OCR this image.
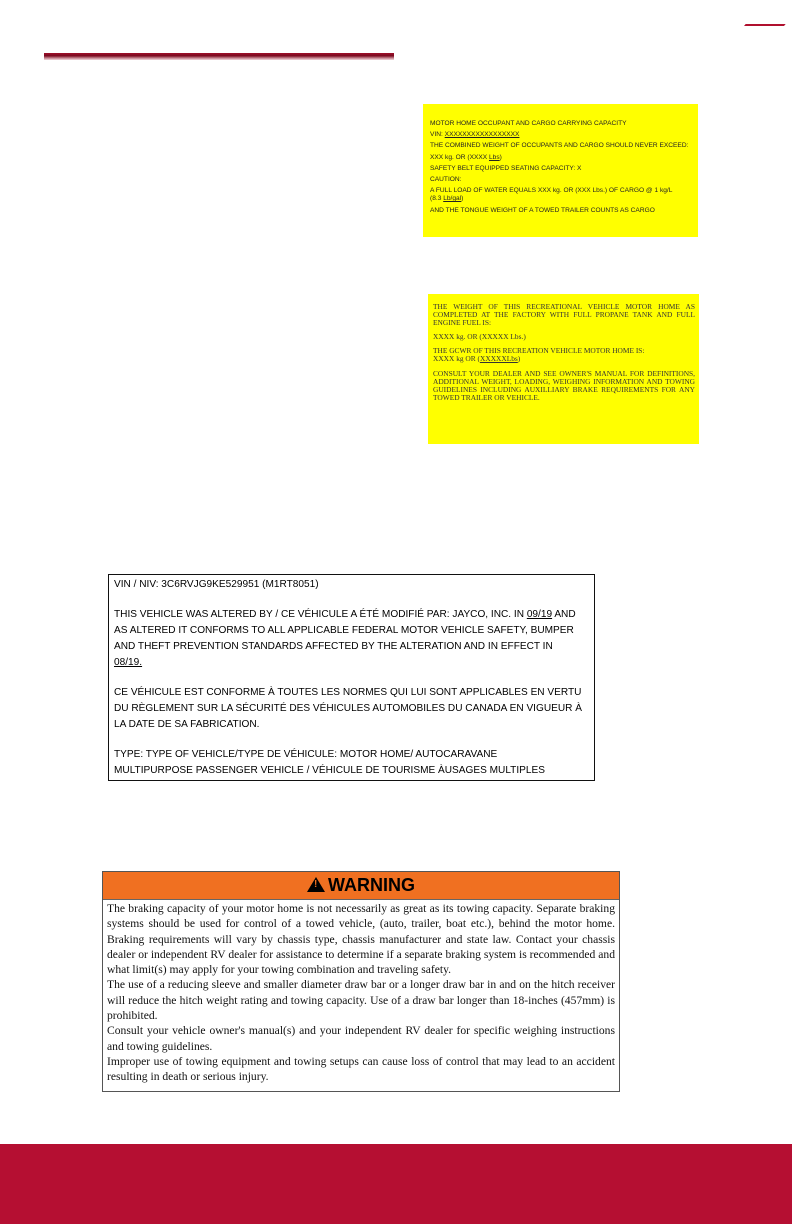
MOTOR HOME OCCUPANT AND CARGO CARRYING CAPACITY

VIN: XXXXXXXXXXXXXXXXX

THE COMBINED WEIGHT OF OCCUPANTS AND CARGO SHOULD NEVER EXCEED:

XXX kg. OR (XXXX Lbs)

SAFETY BELT EQUIPPED SEATING CAPACITY: X

CAUTION:

A FULL LOAD OF WATER EQUALS XXX kg. OR (XXX Lbs.) OF CARGO @ 1 kg/L
(8.3 Lb/gal)

AND THE TONGUE WEIGHT OF A TOWED TRAILER COUNTS AS CARGO

THE WEIGHT OF THIS RECREATIONAL VEHICLE MOTOR HOME AS COMPLETED AT THE FACTORY WITH FULL PROPANE TANK AND FULL ENGINE FUEL IS:

XXXX kg. OR (XXXXX Lbs.)

THE GCWR OF THIS RECREATION VEHICLE MOTOR HOME IS:
XXXX kg OR (XXXXXLbs)

CONSULT YOUR DEALER AND SEE OWNER'S MANUAL FOR DEFINITIONS, ADDITIONAL WEIGHT, LOADING, WEIGHING INFORMATION AND TOWING GUIDELINES INCLUDING AUXILLIARY BRAKE REQUIREMENTS FOR ANY TOWED TRAILER OR VEHICLE.

VIN / NIV: 3C6RVJG9KE529951 (M1RT8051)

THIS VEHICLE WAS ALTERED BY / CE VÉHICULE A ÉTÉ MODIFIÉ PAR: JAYCO, INC. IN 09/19 AND
AS ALTERED IT CONFORMS TO ALL APPLICABLE FEDERAL MOTOR VEHICLE SAFETY, BUMPER
AND THEFT PREVENTION STANDARDS AFFECTED BY THE ALTERATION AND IN EFFECT IN
08/19.

CE VÉHICULE EST CONFORME À TOUTES LES NORMES QUI LUI SONT APPLICABLES EN VERTU
DU RÈGLEMENT SUR LA SÉCURITÉ DES VÉHICULES AUTOMOBILES DU CANADA EN VIGUEUR À
LA DATE DE SA FABRICATION.

TYPE: TYPE OF VEHICLE/TYPE DE VÉHICULE: MOTOR HOME/ AUTOCARAVANE
MULTIPURPOSE PASSENGER VEHICLE / VÉHICULE DE TOURISME ÀUSAGES MULTIPLES

!
WARNING

The braking capacity of your motor home is not necessarily as great as its towing capacity. Separate braking systems should be used for control of a towed vehicle, (auto, trailer, boat etc.), behind the motor home. Braking requirements will vary by chassis type, chassis manufacturer and state law. Contact your chassis dealer or independent RV dealer for assistance to determine if a separate braking system is recommended and what limit(s) may apply for your towing combination and traveling safety.

The use of a reducing sleeve and smaller diameter draw bar or a longer draw bar in and on the hitch receiver will reduce the hitch weight rating and towing capacity. Use of a draw bar longer than 18-inches (457mm) is prohibited.

Consult your vehicle owner's manual(s) and your independent RV dealer for specific weighing instructions and towing guidelines.

Improper use of towing equipment and towing setups can cause loss of control that may lead to an accident resulting in death or serious injury.
